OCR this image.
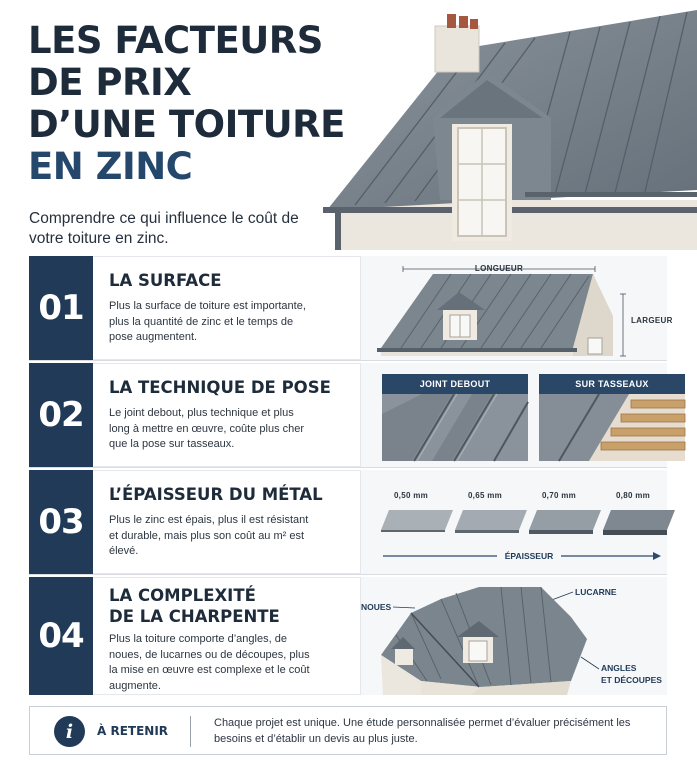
LES FACTEURS
DE PRIX
D’UNE TOITURE
EN ZINC
Comprendre ce qui influence le coût de votre toiture en zinc.
01
LA SURFACE
Plus la surface de toiture est importante, plus la quantité de zinc et le temps de pose augmentent.
LONGUEUR
LARGEUR
02
LA TECHNIQUE DE POSE
Le joint debout, plus technique et plus long à mettre en œuvre, coûte plus cher que la pose sur tasseaux.
JOINT DEBOUT	SUR TASSEAUX
03
L’ÉPAISSEUR DU MÉTAL
Plus le zinc est épais, plus il est résistant et durable, mais plus son coût au m² est élevé.
0,50 mm	0,65 mm	0,70 mm	0,80 mm
ÉPAISSEUR
04
LA COMPLEXITÉ
DE LA CHARPENTE
Plus la toiture comporte d’angles, de noues, de lucarnes ou de découpes, plus la mise en œuvre est complexe et le coût augmente.
NOUES
LUCARNE
ANGLES
ET DÉCOUPES
i	À RETENIR
Chaque projet est unique. Une étude personnalisée permet d’évaluer précisément les besoins et d’établir un devis au plus juste.
